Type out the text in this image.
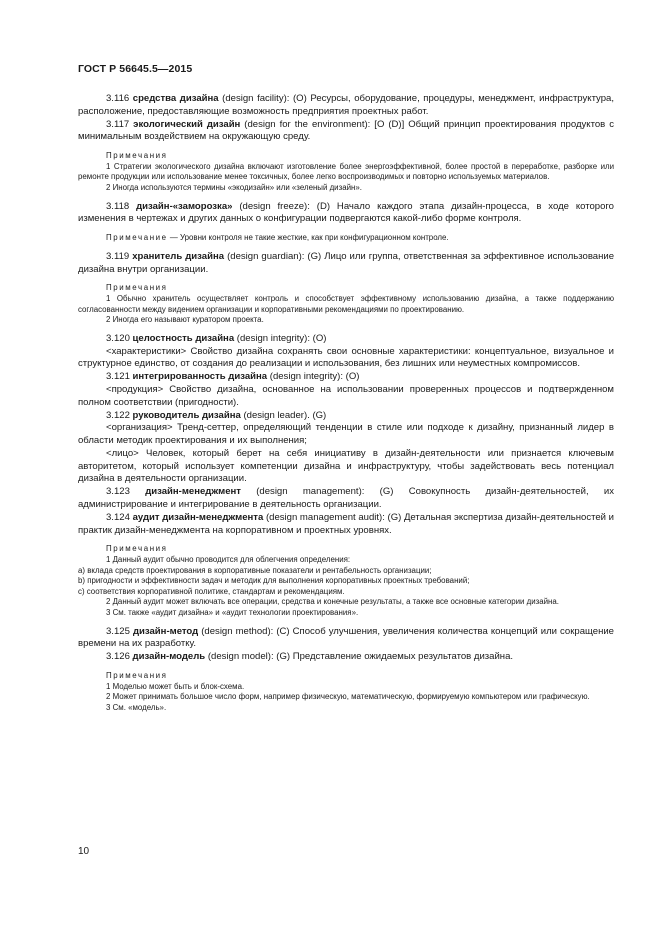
ГОСТ Р 56645.5—2015

3.116 средства дизайна (design facility): (O) Ресурсы, оборудование, процедуры, менеджмент, инфраструктура, расположение, предоставляющие возможность предприятия проектных работ.

3.117 экологический дизайн (design for the environment): [O (D)] Общий принцип проектирования продуктов с минимальным воздействием на окружающую среду.

Примечания

1 Стратегии экологического дизайна включают изготовление более энергоэффективной, более простой в переработке, разборке или ремонте продукции или использование менее токсичных, более легко воспроизводимых и повторно используемых материалов.

2 Иногда используются термины «экодизайн» или «зеленый дизайн».

3.118 дизайн-«заморозка» (design freeze): (D) Начало каждого этапа дизайн-процесса, в ходе которого изменения в чертежах и других данных о конфигурации подвергаются какой-либо форме контроля.

Примечание — Уровни контроля не такие жесткие, как при конфигурационном контроле.

3.119 хранитель дизайна (design guardian): (G) Лицо или группа, ответственная за эффективное использование дизайна внутри организации.

Примечания

1 Обычно хранитель осуществляет контроль и способствует эффективному использованию дизайна, а также поддержанию согласованности между видением организации и корпоративными рекомендациями по проектированию.

2 Иногда его называют куратором проекта.

3.120 целостность дизайна (design integrity): (O)

<характеристики> Свойство дизайна сохранять свои основные характеристики: концептуальное, визуальное и структурное единство, от создания до реализации и использования, без лишних или неуместных компромиссов.

3.121 интегрированность дизайна (design integrity): (O)

<продукция> Свойство дизайна, основанное на использовании проверенных процессов и подтвержденном полном соответствии (пригодности).

3.122 руководитель дизайна (design leader). (G)

<организация> Тренд-сеттер, определяющий тенденции в стиле или подходе к дизайну, признанный лидер в области методик проектирования и их выполнения;

<лицо> Человек, который берет на себя инициативу в дизайн-деятельности или признается ключевым авторитетом, который использует компетенции дизайна и инфраструктуру, чтобы задействовать весь потенциал дизайна в деятельности организации.

3.123 дизайн-менеджмент (design management): (G) Совокупность дизайн-деятельностей, их администрирование и интегрирование в деятельность организации.

3.124 аудит дизайн-менеджмента (design management audit): (G) Детальная экспертиза дизайн-деятельностей и практик дизайн-менеджмента на корпоративном и проектных уровнях.

Примечания

1 Данный аудит обычно проводится для облегчения определения:

a) вклада средств проектирования в корпоративные показатели и рентабельность организации;

b) пригодности и эффективности задач и методик для выполнения корпоративных проектных требований;

c) соответствия корпоративной политике, стандартам и рекомендациям.

2 Данный аудит может включать все операции, средства и конечные результаты, а также все основные категории дизайна.

3 См. также «аудит дизайна» и «аудит технологии проектирования».

3.125 дизайн-метод (design method): (C) Способ улучшения, увеличения количества концепций или сокращение времени на их разработку.

3.126 дизайн-модель (design model): (G) Представление ожидаемых результатов дизайна.

Примечания

1 Моделью может быть и блок-схема.

2 Может принимать большое число форм, например физическую, математическую, формируемую компьютером или графическую.

3 См. «модель».

10
